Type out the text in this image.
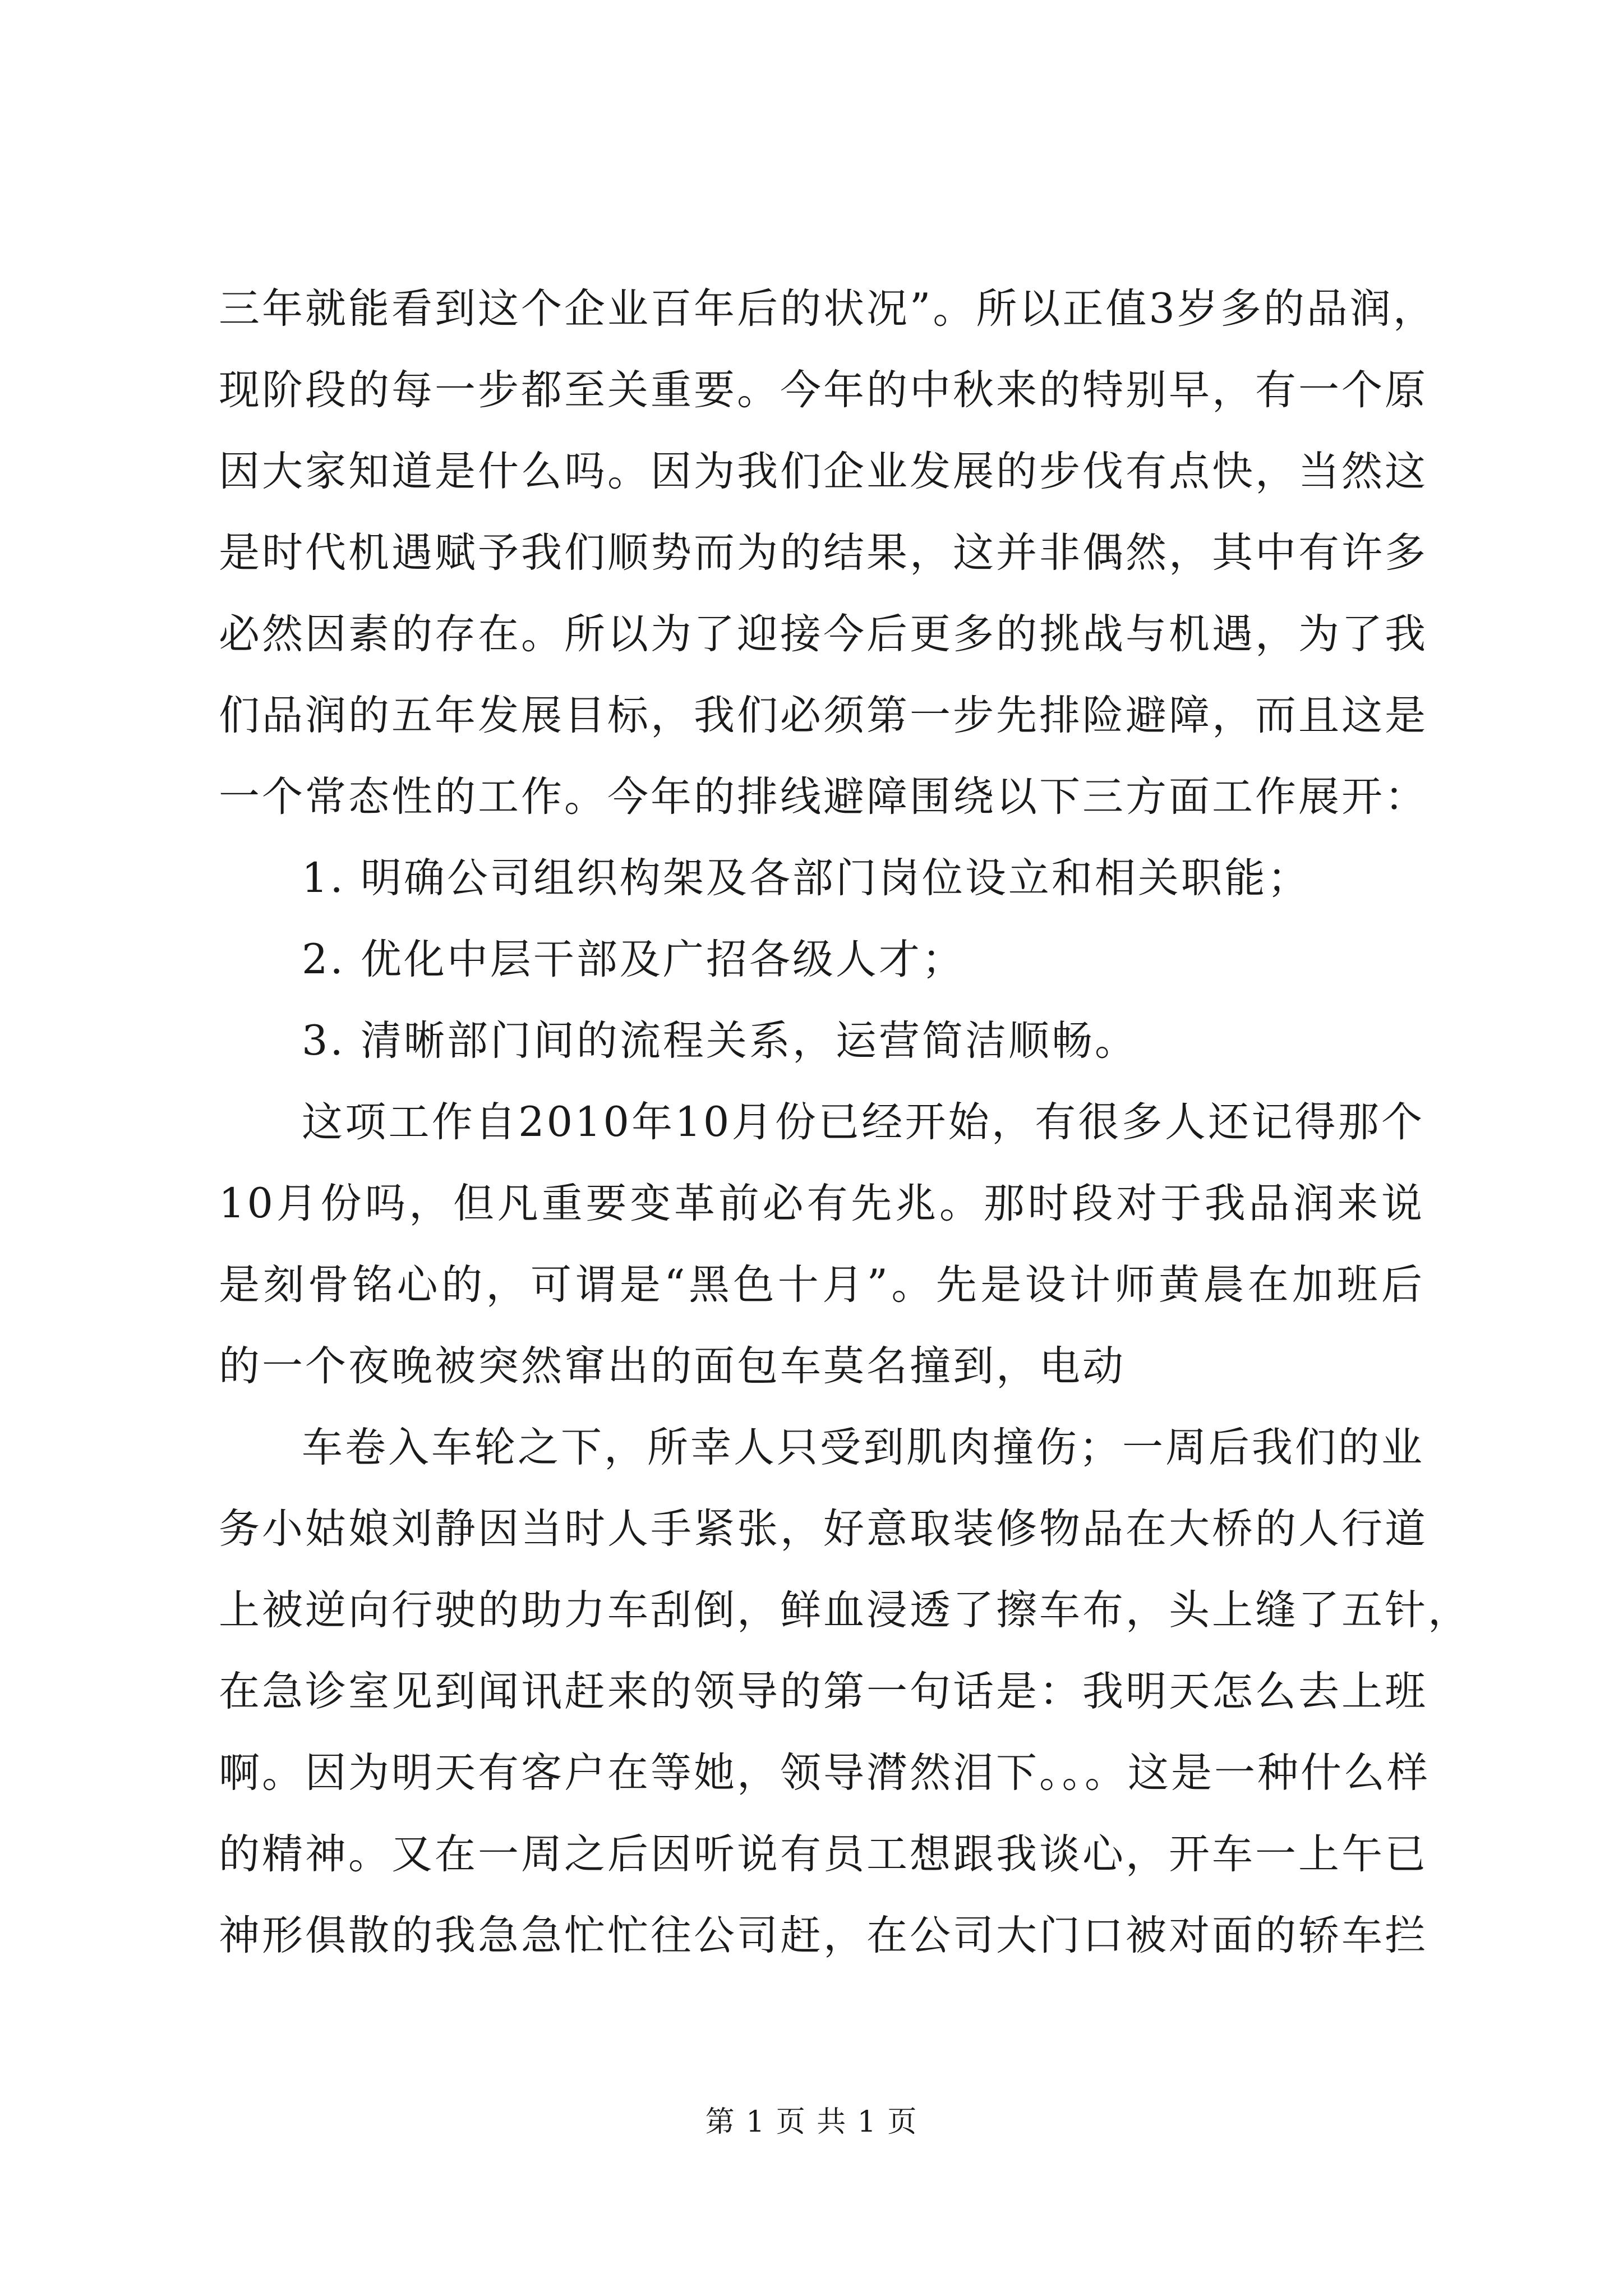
三年就能看到这个企业百年后的状况”。所以正值3岁多的品润，
现阶段的每一步都至关重要。今年的中秋来的特别早，有一个原
因大家知道是什么吗。因为我们企业发展的步伐有点快，当然这
是时代机遇赋予我们顺势而为的结果，这并非偶然，其中有许多
必然因素的存在。所以为了迎接今后更多的挑战与机遇，为了我
们品润的五年发展目标，我们必须第一步先排险避障，而且这是
一个常态性的工作。今年的排线避障围绕以下三方面工作展开：
1. 明确公司组织构架及各部门岗位设立和相关职能；
2. 优化中层干部及广招各级人才；
3. 清晰部门间的流程关系，运营简洁顺畅。
这项工作自2010年10月份已经开始，有很多人还记得那个
10月份吗，但凡重要变革前必有先兆。那时段对于我品润来说
是刻骨铭心的，可谓是“黑色十月”。先是设计师黄晨在加班后
的一个夜晚被突然窜出的面包车莫名撞到，电动
车卷入车轮之下，所幸人只受到肌肉撞伤；一周后我们的业
务小姑娘刘静因当时人手紧张，好意取装修物品在大桥的人行道
上被逆向行驶的助力车刮倒，鲜血浸透了擦车布，头上缝了五针，
在急诊室见到闻讯赶来的领导的第一句话是：我明天怎么去上班
啊。因为明天有客户在等她，领导潸然泪下。。。这是一种什么样
的精神。又在一周之后因听说有员工想跟我谈心，开车一上午已
神形俱散的我急急忙忙往公司赶，在公司大门口被对面的轿车拦
第 1 页 共 1 页
